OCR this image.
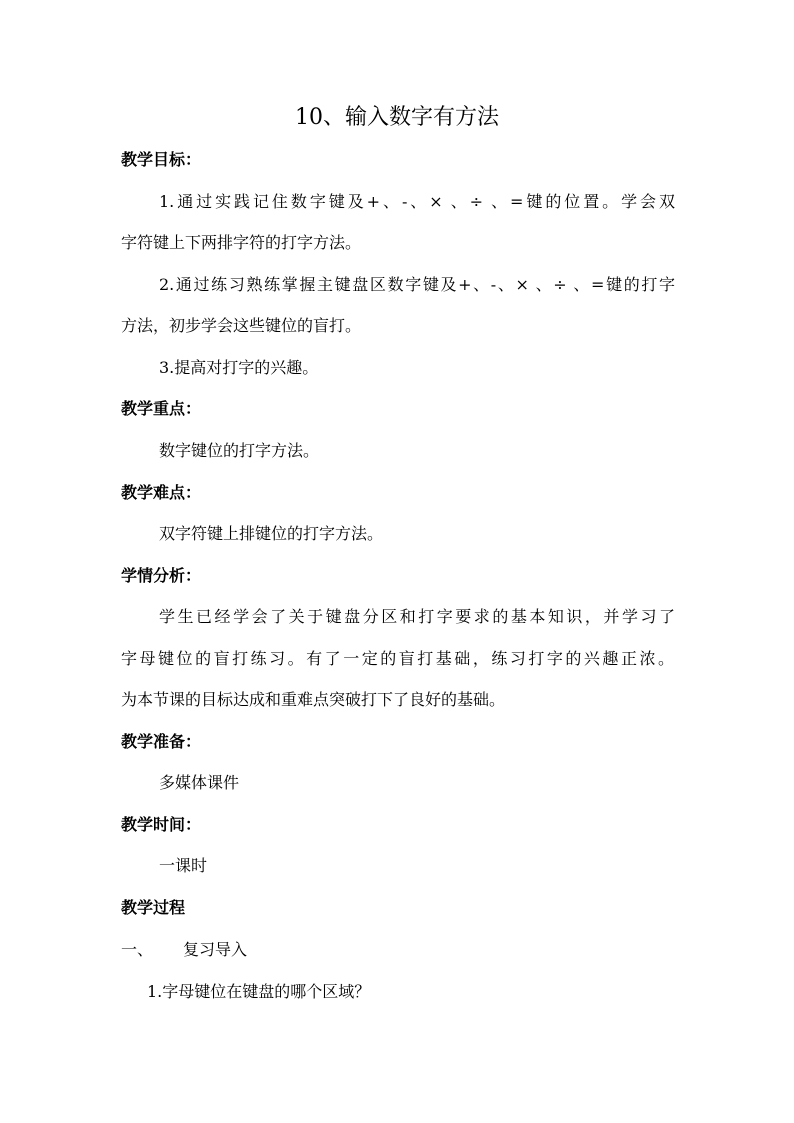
10、输入数字有方法
教学目标：
1.通过实践记住数字键及+、-、× 、÷ 、=键的位置。学会双
字符键上下两排字符的打字方法。
2.通过练习熟练掌握主键盘区数字键及+、-、× 、÷ 、=键的打字
方法，初步学会这些键位的盲打。
3.提高对打字的兴趣。
教学重点：
数字键位的打字方法。
教学难点：
双字符键上排键位的打字方法。
学情分析：
学生已经学会了关于键盘分区和打字要求的基本知识，并学习了
字母键位的盲打练习。有了一定的盲打基础，练习打字的兴趣正浓。
为本节课的目标达成和重难点突破打下了良好的基础。
教学准备：
多媒体课件
教学时间：
一课时
教学过程
一、 复习导入
1.字母键位在键盘的哪个区域？
